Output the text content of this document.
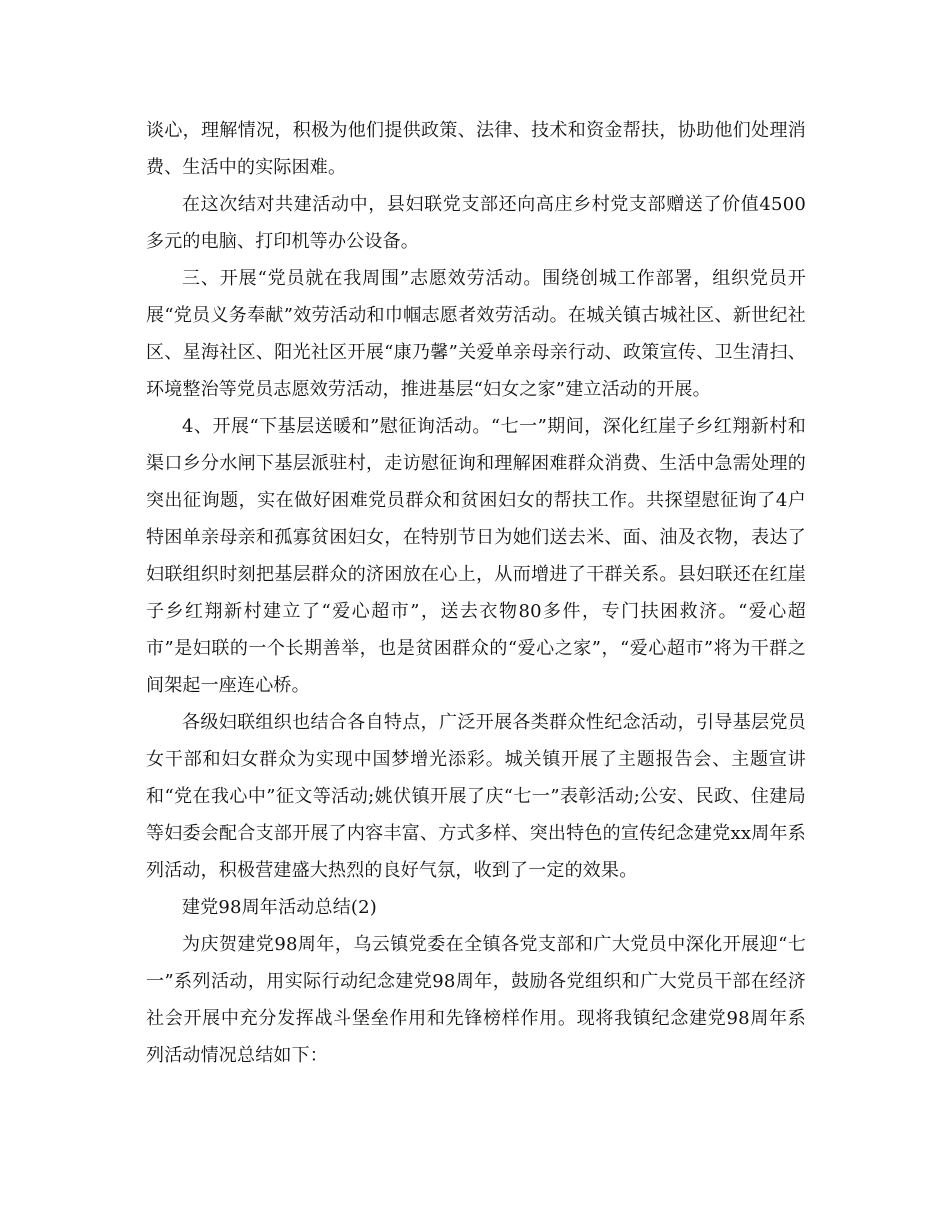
谈心，理解情况，积极为他们提供政策、法律、技术和资金帮扶，协助他们处理消费、生活中的实际困难。

在这次结对共建活动中，县妇联党支部还向高庄乡村党支部赠送了价值4500多元的电脑、打印机等办公设备。

三、开展“党员就在我周围”志愿效劳活动。围绕创城工作部署，组织党员开展“党员义务奉献”效劳活动和巾帼志愿者效劳活动。在城关镇古城社区、新世纪社区、星海社区、阳光社区开展“康乃馨”关爱单亲母亲行动、政策宣传、卫生清扫、环境整治等党员志愿效劳活动，推进基层“妇女之家”建立活动的开展。

4、开展“下基层送暖和”慰征询活动。“七一”期间，深化红崖子乡红翔新村和渠口乡分水闸下基层派驻村，走访慰征询和理解困难群众消费、生活中急需处理的突出征询题，实在做好困难党员群众和贫困妇女的帮扶工作。共探望慰征询了4户特困单亲母亲和孤寡贫困妇女，在特别节日为她们送去米、面、油及衣物，表达了妇联组织时刻把基层群众的济困放在心上，从而增进了干群关系。县妇联还在红崖子乡红翔新村建立了“爱心超市”，送去衣物80多件，专门扶困救济。“爱心超市”是妇联的一个长期善举，也是贫困群众的“爱心之家”，“爱心超市”将为干群之间架起一座连心桥。

各级妇联组织也结合各自特点，广泛开展各类群众性纪念活动，引导基层党员女干部和妇女群众为实现中国梦增光添彩。城关镇开展了主题报告会、主题宣讲和“党在我心中”征文等活动;姚伏镇开展了庆“七一”表彰活动;公安、民政、住建局等妇委会配合支部开展了内容丰富、方式多样、突出特色的宣传纪念建党xx周年系列活动，积极营建盛大热烈的良好气氛，收到了一定的效果。

建党98周年活动总结(2)

为庆贺建党98周年，乌云镇党委在全镇各党支部和广大党员中深化开展迎“七一”系列活动，用实际行动纪念建党98周年，鼓励各党组织和广大党员干部在经济社会开展中充分发挥战斗堡垒作用和先锋榜样作用。现将我镇纪念建党98周年系列活动情况总结如下：
